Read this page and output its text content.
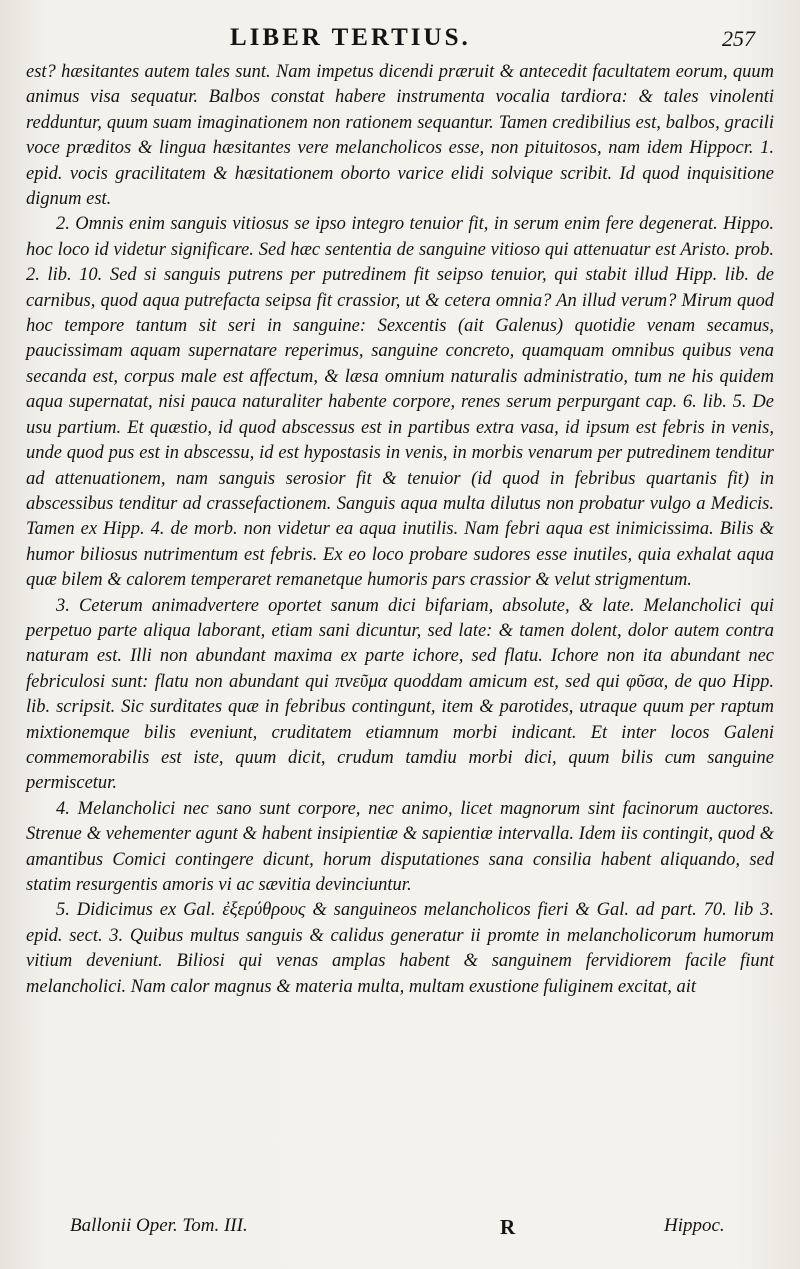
LIBER TERTIUS.	257

est? hæsitantes autem tales sunt. Nam impetus dicendi præruit & antecedit facultatem eorum, quum animus visa sequatur. Balbos constat habere instrumenta vocalia tardiora: & tales vinolenti redduntur, quum suam imaginationem non rationem sequantur. Tamen credibilius est, balbos, gracili voce præditos & lingua hæsitantes vere melancholicos esse, non pituitosos, nam idem Hippocr. 1. epid. vocis gracilitatem & hæsitationem oborto varice elidi solvique scribit. Id quod inquisitione dignum est.

2. Omnis enim sanguis vitiosus se ipso integro tenuior fit, in serum enim fere degenerat. Hippo. hoc loco id videtur significare. Sed hæc sententia de sanguine vitioso qui attenuatur est Aristo. prob. 2. lib. 10. Sed si sanguis putrens per putredinem fit seipso tenuior, qui stabit illud Hipp. lib. de carnibus, quod aqua putrefacta seipsa fit crassior, ut & cetera omnia? An illud verum? Mirum quod hoc tempore tantum sit seri in sanguine: Sexcentis (ait Galenus) quotidie venam secamus, paucissimam aquam supernatare reperimus, sanguine concreto, quamquam omnibus quibus vena secanda est, corpus male est affectum, & læsa omnium naturalis administratio, tum ne his quidem aqua supernatat, nisi pauca naturaliter habente corpore, renes serum perpurgant cap. 6. lib. 5. De usu partium. Et quæstio, id quod abscessus est in partibus extra vasa, id ipsum est febris in venis, unde quod pus est in abscessu, id est hypostasis in venis, in morbis venarum per putredinem tenditur ad attenuationem, nam sanguis serosior fit & tenuior (id quod in febribus quartanis fit) in abscessibus tenditur ad crassefactionem. Sanguis aqua multa dilutus non probatur vulgo a Medicis. Tamen ex Hipp. 4. de morb. non videtur ea aqua inutilis. Nam febri aqua est inimicissima. Bilis & humor biliosus nutrimentum est febris. Ex eo loco probare sudores esse inutiles, quia exhalat aqua quæ bilem & calorem temperaret remanetque humoris pars crassior & velut strigmentum.

3. Ceterum animadvertere oportet sanum dici bifariam, absolute, & late. Melancholici qui perpetuo parte aliqua laborant, etiam sani dicuntur, sed late: & tamen dolent, dolor autem contra naturam est. Illi non abundant maxima ex parte ichore, sed flatu. Ichore non ita abundant nec febriculosi sunt: flatu non abundant qui πνεῦμα quoddam amicum est, sed qui φῦσα, de quo Hipp. lib. scripsit. Sic surditates quæ in febribus contingunt, item & parotides, utraque quum per raptum mixtionemque bilis eveniunt, cruditatem etiamnum morbi indicant. Et inter locos Galeni commemorabilis est iste, quum dicit, crudum tamdiu morbi dici, quum bilis cum sanguine permiscetur.

4. Melancholici nec sano sunt corpore, nec animo, licet magnorum sint facinorum auctores. Strenue & vehementer agunt & habent insipientiæ & sapientiæ intervalla. Idem iis contingit, quod & amantibus Comici contingere dicunt, horum disputationes sana consilia habent aliquando, sed statim resurgentis amoris vi ac sævitia devinciuntur.

5. Didicimus ex Gal. ἐξερύθρους & sanguineos melancholicos fieri & Gal. ad part. 70. lib 3. epid. sect. 3. Quibus multus sanguis & calidus generatur ii promte in melancholicorum humorum vitium deveniunt. Biliosi qui venas amplas habent & sanguinem fervidiorem facile fiunt melancholici. Nam calor magnus & materia multa, multam exustione fuliginem excitat, ait

Ballonii Oper. Tom. III.	R	Hippoc.
